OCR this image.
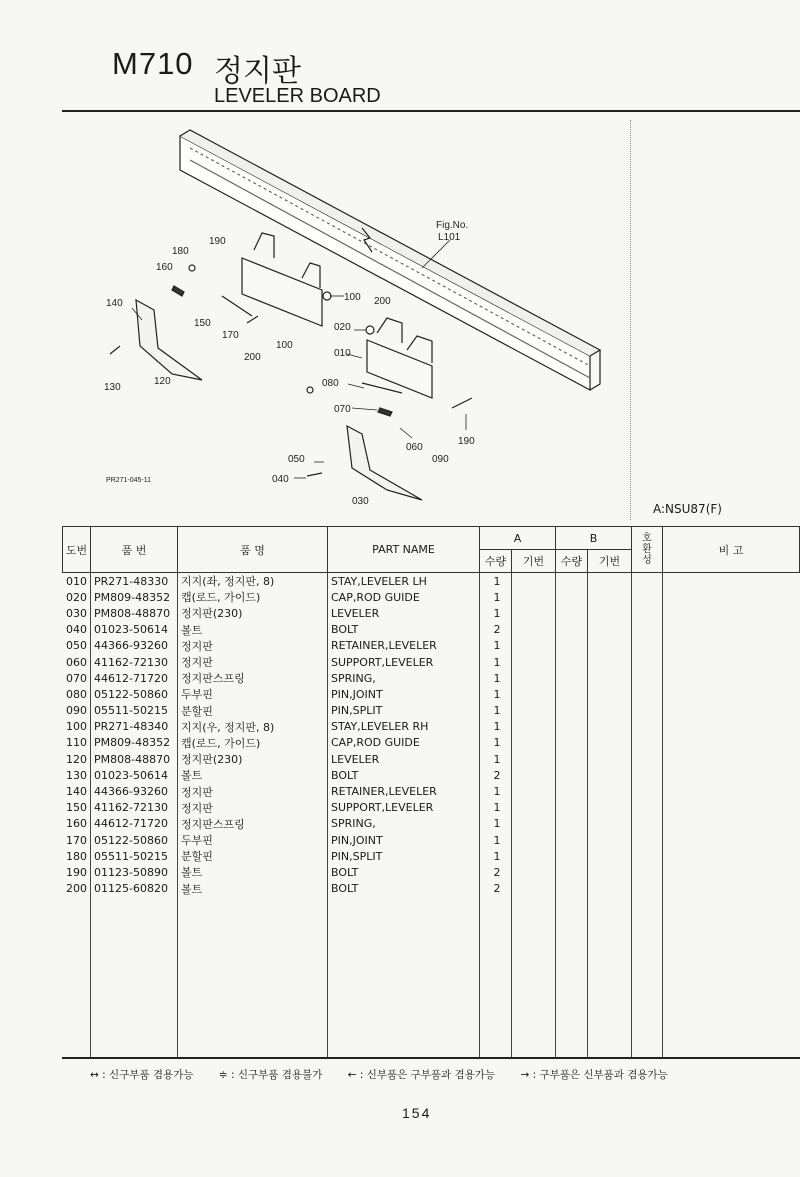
M710 정지판
LEVELER BOARD
Fig.No.
L101
180
190
160
140
150
170
100
200
130
120
100 200
020
010
080
070
060
090
190
050
040
030
PR271-045-11
A:NSU87(F)
도번	품 번	품 명	PART NAME	A		B		호환성	비 고
				수량	기번	수량	기번		
010	PR271-48330	지지(좌, 정지판, 8)	STAY,LEVELER LH	1					
020	PM809-48352	캡(로드, 가이드)	CAP,ROD GUIDE	1					
030	PM808-48870	정지판(230)	LEVELER	1					
040	01023-50614	볼트	BOLT	2					
050	44366-93260	정지판	RETAINER,LEVELER	1					
060	41162-72130	정지판	SUPPORT,LEVELER	1					
070	44612-71720	정지판스프링	SPRING,	1					
080	05122-50860	두부핀	PIN,JOINT	1					
090	05511-50215	분할핀	PIN,SPLIT	1					
100	PR271-48340	지지(우, 정지판, 8)	STAY,LEVELER RH	1					
110	PM809-48352	캡(로드, 가이드)	CAP,ROD GUIDE	1					
120	PM808-48870	정지판(230)	LEVELER	1					
130	01023-50614	볼트	BOLT	2					
140	44366-93260	정지판	RETAINER,LEVELER	1					
150	41162-72130	정지판	SUPPORT,LEVELER	1					
160	44612-71720	정지판스프링	SPRING,	1					
170	05122-50860	두부핀	PIN,JOINT	1					
180	05511-50215	분할핀	PIN,SPLIT	1					
190	01123-50890	볼트	BOLT	2					
200	01125-60820	볼트	BOLT	2					

↔ : 신구부품 겸용가능 ≑ : 신구부품 겸용불가 ← : 신부품은 구부품과 겸용가능 → : 구부품은 신부품과 겸용가능
154
